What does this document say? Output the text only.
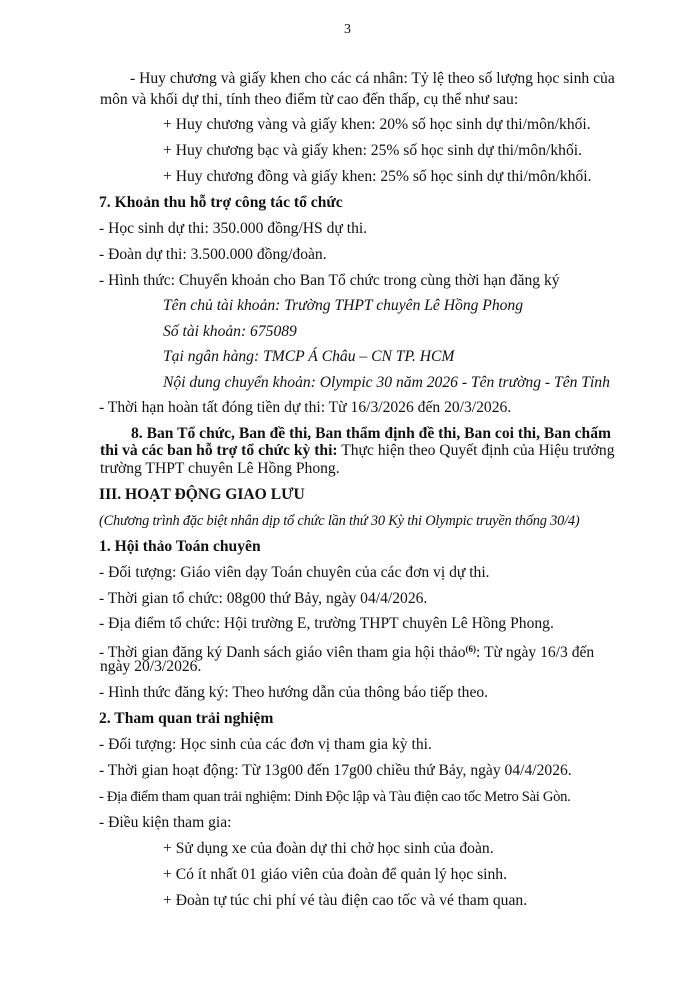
3
- Huy chương và giấy khen cho các cá nhân: Tỷ lệ theo số lượng học sinh của
môn và khối dự thi, tính theo điểm từ cao đến thấp, cụ thể như sau:
+ Huy chương vàng và giấy khen: 20% số học sinh dự thi/môn/khối.
+ Huy chương bạc và giấy khen: 25% số học sinh dự thi/môn/khối.
+ Huy chương đồng và giấy khen: 25% số học sinh dự thi/môn/khối.
7. Khoản thu hỗ trợ công tác tổ chức
- Học sinh dự thi: 350.000 đồng/HS dự thi.
- Đoàn dự thi: 3.500.000 đồng/đoàn.
- Hình thức: Chuyển khoản cho Ban Tổ chức trong cùng thời hạn đăng ký
Tên chủ tài khoản: Trường THPT chuyên Lê Hồng Phong
Số tài khoản: 675089
Tại ngân hàng: TMCP Á Châu – CN TP. HCM
Nội dung chuyển khoản: Olympic 30 năm 2026 - Tên trường - Tên Tỉnh
- Thời hạn hoàn tất đóng tiền dự thi: Từ 16/3/2026 đến 20/3/2026.
8. Ban Tổ chức, Ban đề thi, Ban thẩm định đề thi, Ban coi thi, Ban chấm
thi và các ban hỗ trợ tổ chức kỳ thi: Thực hiện theo Quyết định của Hiệu trưởng
trường THPT chuyên Lê Hồng Phong.
III. HOẠT ĐỘNG GIAO LƯU
(Chương trình đặc biệt nhân dịp tổ chức lần thứ 30 Kỳ thi Olympic truyền thống 30/4)
1. Hội thảo Toán chuyên
- Đối tượng: Giáo viên dạy Toán chuyên của các đơn vị dự thi.
- Thời gian tổ chức: 08g00 thứ Bảy, ngày 04/4/2026.
- Địa điểm tổ chức: Hội trường E, trường THPT chuyên Lê Hồng Phong.
- Thời gian đăng ký Danh sách giáo viên tham gia hội thảo$^{(6)}$: Từ ngày 16/3 đến
ngày 20/3/2026.
- Hình thức đăng ký: Theo hướng dẫn của thông báo tiếp theo.
2. Tham quan trải nghiệm
- Đối tượng: Học sinh của các đơn vị tham gia kỳ thi.
- Thời gian hoạt động: Từ 13g00 đến 17g00 chiều thứ Bảy, ngày 04/4/2026.
- Địa điểm tham quan trải nghiệm: Dinh Độc lập và Tàu điện cao tốc Metro Sài Gòn.
- Điều kiện tham gia:
+ Sử dụng xe của đoàn dự thi chở học sinh của đoàn.
+ Có ít nhất 01 giáo viên của đoàn để quản lý học sinh.
+ Đoàn tự túc chi phí vé tàu điện cao tốc và vé tham quan.
